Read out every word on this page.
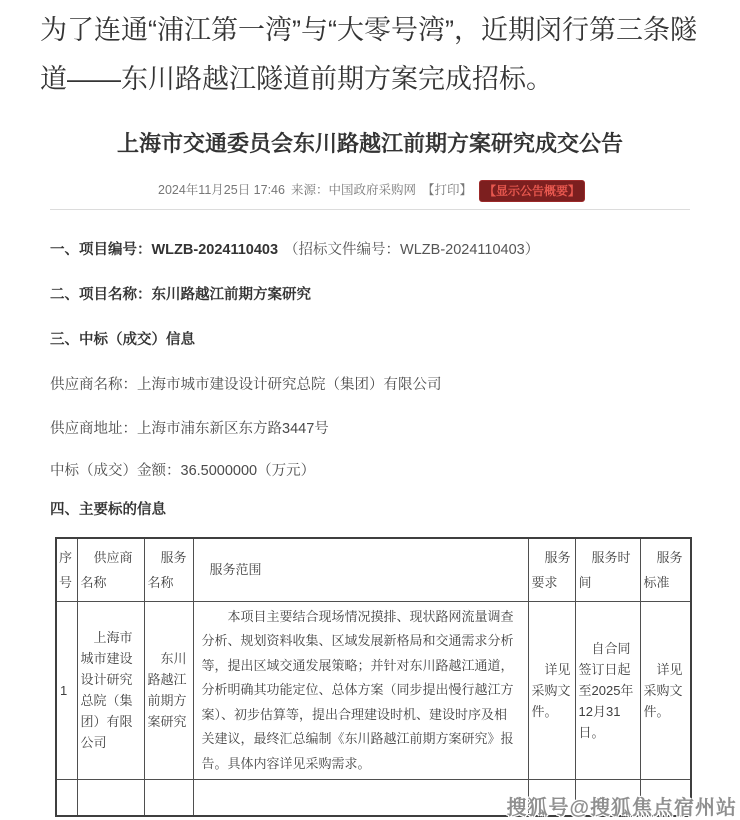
为了连通“浦江第一湾”与“大零号湾”，近期闵行第三条隧道——东川路越江隧道前期方案完成招标。

上海市交通委员会东川路越江前期方案研究成交公告
2024年11月25日 17:46 来源：中国政府采购网 【打印】 【显示公告概要】

一、项目编号：WLZB-2024110403 （招标文件编号：WLZB-2024110403）

二、项目名称：东川路越江前期方案研究

三、中标（成交）信息

供应商名称：上海市城市建设设计研究总院（集团）有限公司

供应商地址：上海市浦东新区东方路3447号

中标（成交）金额：36.5000000（万元）

四、主要标的信息

序号	供应商名称	服务名称	服务范围	服务要求	服务时间	服务标准
1	上海市城市建设设计研究总院（集团）有限公司	东川路越江前期方案研究	本项目主要结合现场情况摸排、现状路网流量调查分析、规划资料收集、区域发展新格局和交通需求分析等，提出区域交通发展策略；并针对东川路越江通道，分析明确其功能定位、总体方案（同步提出慢行越江方案）、初步估算等，提出合理建设时机、建设时序及相关建议，最终汇总编制《东川路越江前期方案研究》报告。具体内容详见采购需求。	详见采购文件。	自合同签订日起至2025年12月31日。	详见采购文件。

搜狐号@搜狐焦点宿州站
